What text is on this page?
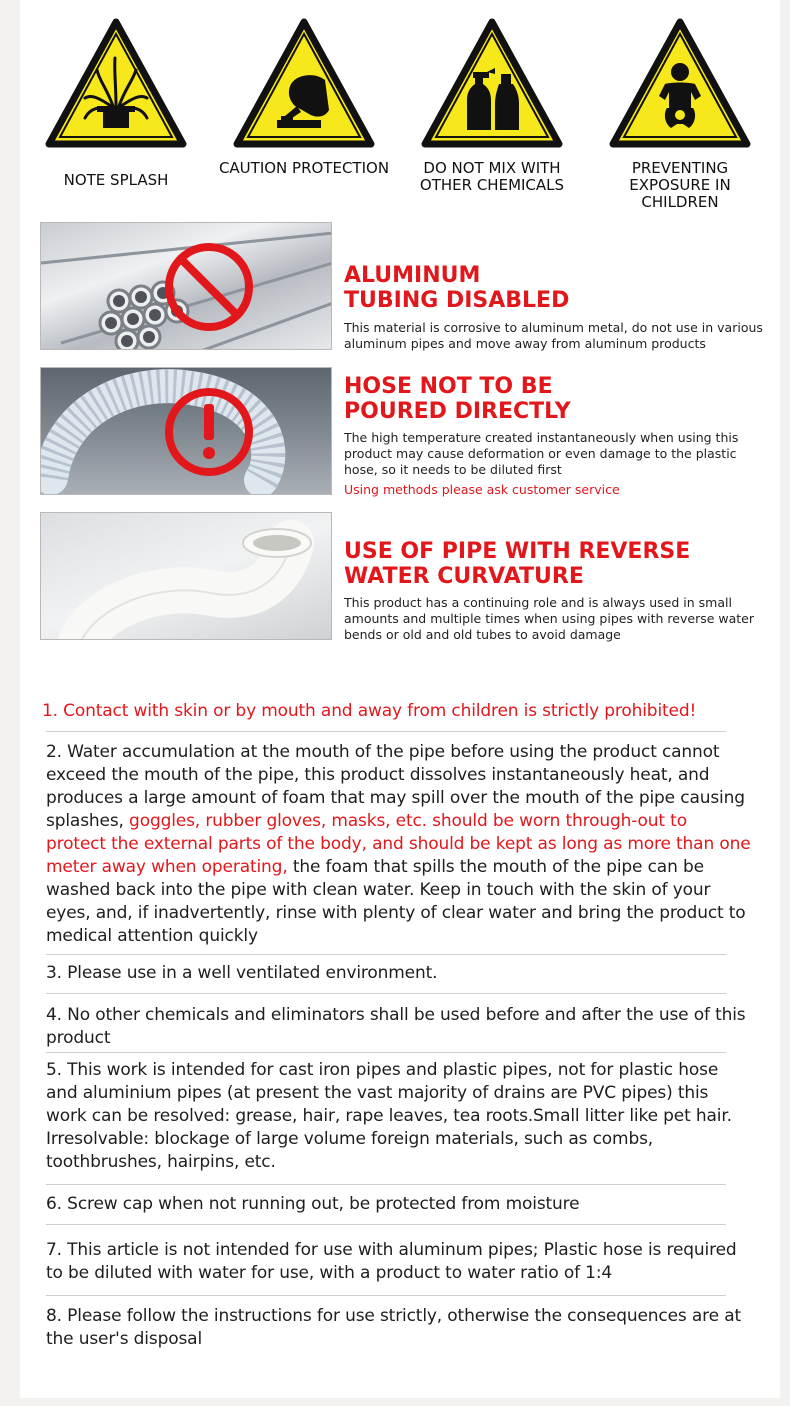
NOTE SPLASH
CAUTION PROTECTION	DO NOT MIX WITH OTHER CHEMICALS
PREVENTING EXPOSURE IN CHILDREN
ALUMINUM
TUBING DISABLED
This material is corrosive to aluminum metal, do not use in various aluminum pipes and move away from aluminum products
HOSE NOT TO BE
POURED DIRECTLY
The high temperature created instantaneously when using this product may cause deformation or even damage to the plastic hose, so it needs to be diluted first
Using methods please ask customer service
USE OF PIPE WITH REVERSE
WATER CURVATURE
This product has a continuing role and is always used in small amounts and multiple times when using pipes with reverse water bends or old and old tubes to avoid damage
1. Contact with skin or by mouth and away from children is strictly prohibited!
2. Water accumulation at the mouth of the pipe before using the product cannot exceed the mouth of the pipe, this product dissolves instantaneously heat, and produces a large amount of foam that may spill over the mouth of the pipe causing splashes, goggles, rubber gloves, masks, etc. should be worn through-out to protect the external parts of the body, and should be kept as long as more than one meter away when operating, the foam that spills the mouth of the pipe can be washed back into the pipe with clean water. Keep in touch with the skin of your eyes, and, if inadvertently, rinse with plenty of clear water and bring the product to medical attention quickly
3. Please use in a well ventilated environment.
4. No other chemicals and eliminators shall be used before and after the use of this product
5. This work is intended for cast iron pipes and plastic pipes, not for plastic hose and aluminium pipes (at present the vast majority of drains are PVC pipes) this work can be resolved: grease, hair, rape leaves, tea roots.Small litter like pet hair. Irresolvable: blockage of large volume foreign materials, such as combs, toothbrushes, hairpins, etc.
6. Screw cap when not running out, be protected from moisture
7. This article is not intended for use with aluminum pipes; Plastic hose is required to be diluted with water for use, with a product to water ratio of 1:4
8. Please follow the instructions for use strictly, otherwise the consequences are at the user's disposal
